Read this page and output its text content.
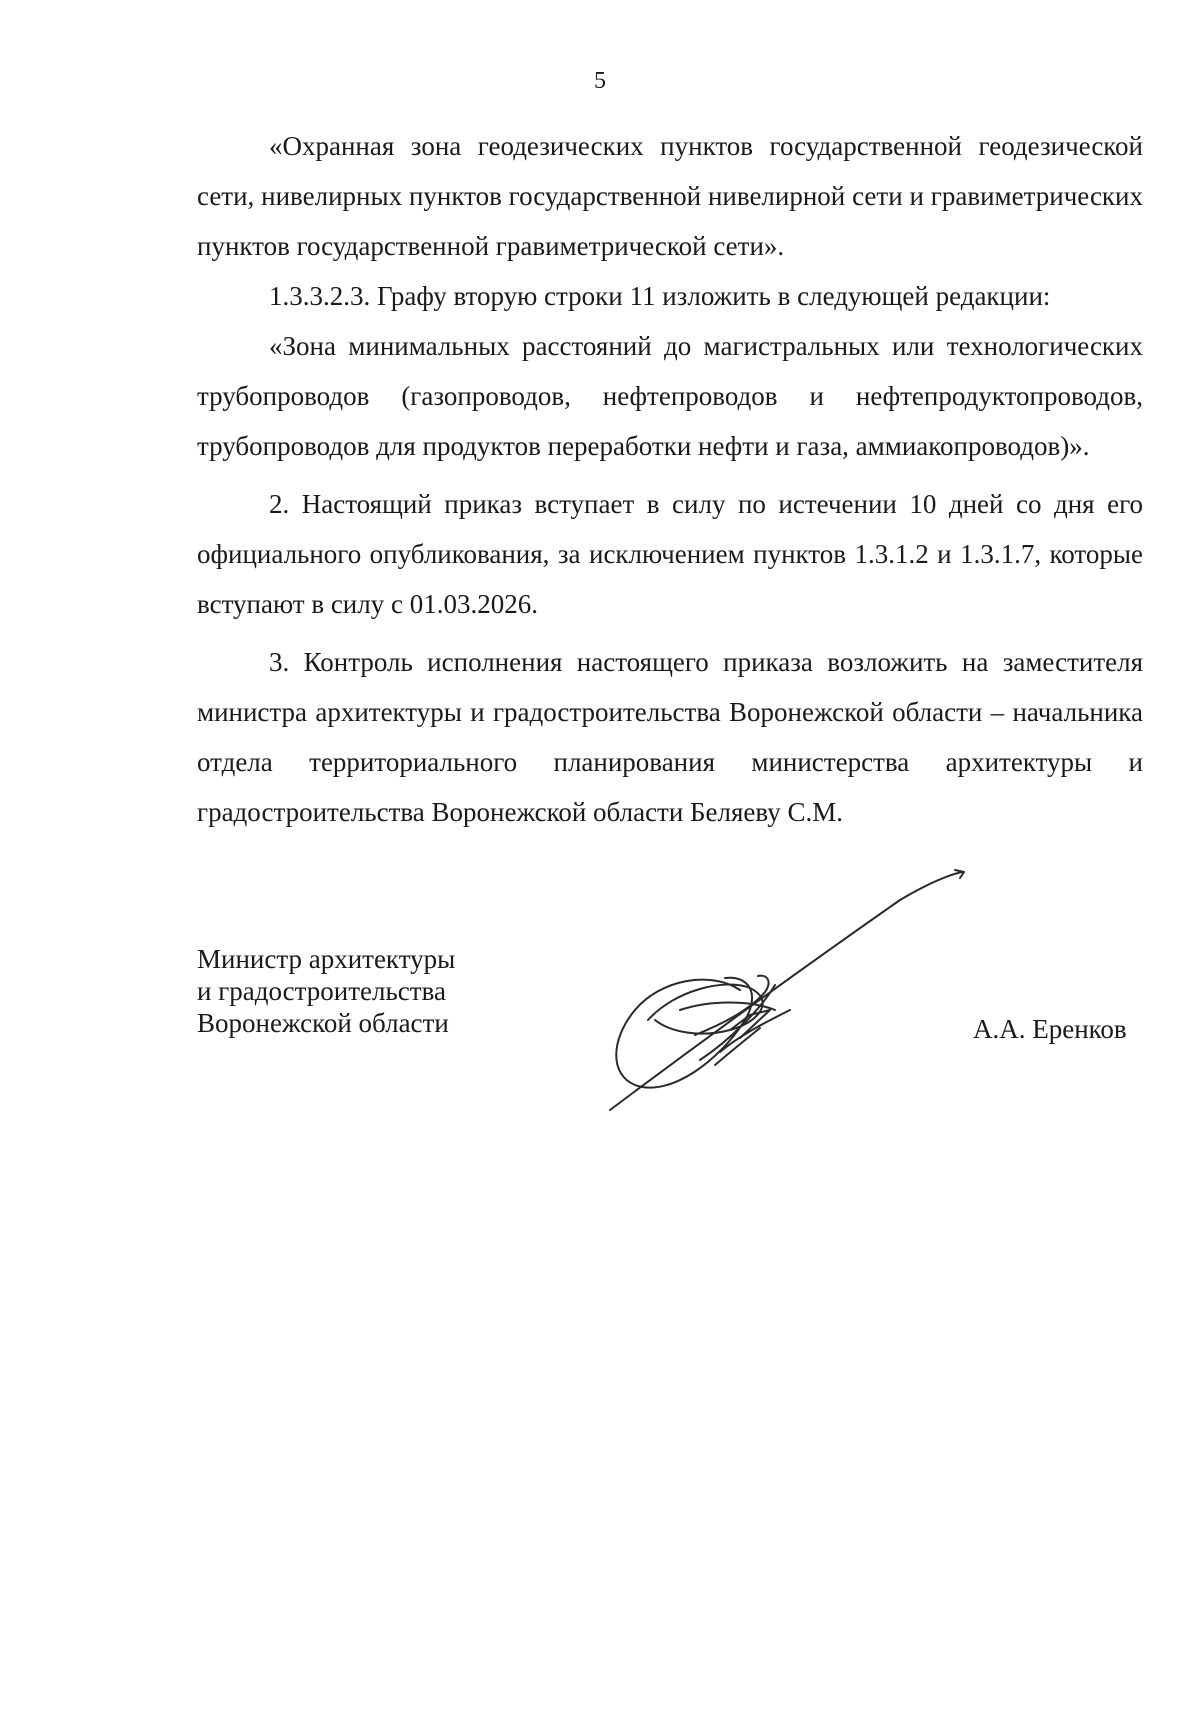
5

«Охранная зона геодезических пунктов государственной геодезической сети, нивелирных пунктов государственной нивелирной сети и гравиметрических пунктов государственной гравиметрической сети».

1.3.3.2.3. Графу вторую строки 11 изложить в следующей редакции:

«Зона минимальных расстояний до магистральных или технологических трубопроводов (газопроводов, нефтепроводов и нефтепродуктопроводов, трубопроводов для продуктов переработки нефти и газа, аммиакопроводов)».

2. Настоящий приказ вступает в силу по истечении 10 дней со дня его официального опубликования, за исключением пунктов 1.3.1.2 и 1.3.1.7, которые вступают в силу с 01.03.2026.

3. Контроль исполнения настоящего приказа возложить на заместителя министра архитектуры и градостроительства Воронежской области – начальника отдела территориального планирования министерства архитектуры и градостроительства Воронежской области Беляеву С.М.

Министр архитектуры
и градостроительства
Воронежской области	А.А. Еренков
